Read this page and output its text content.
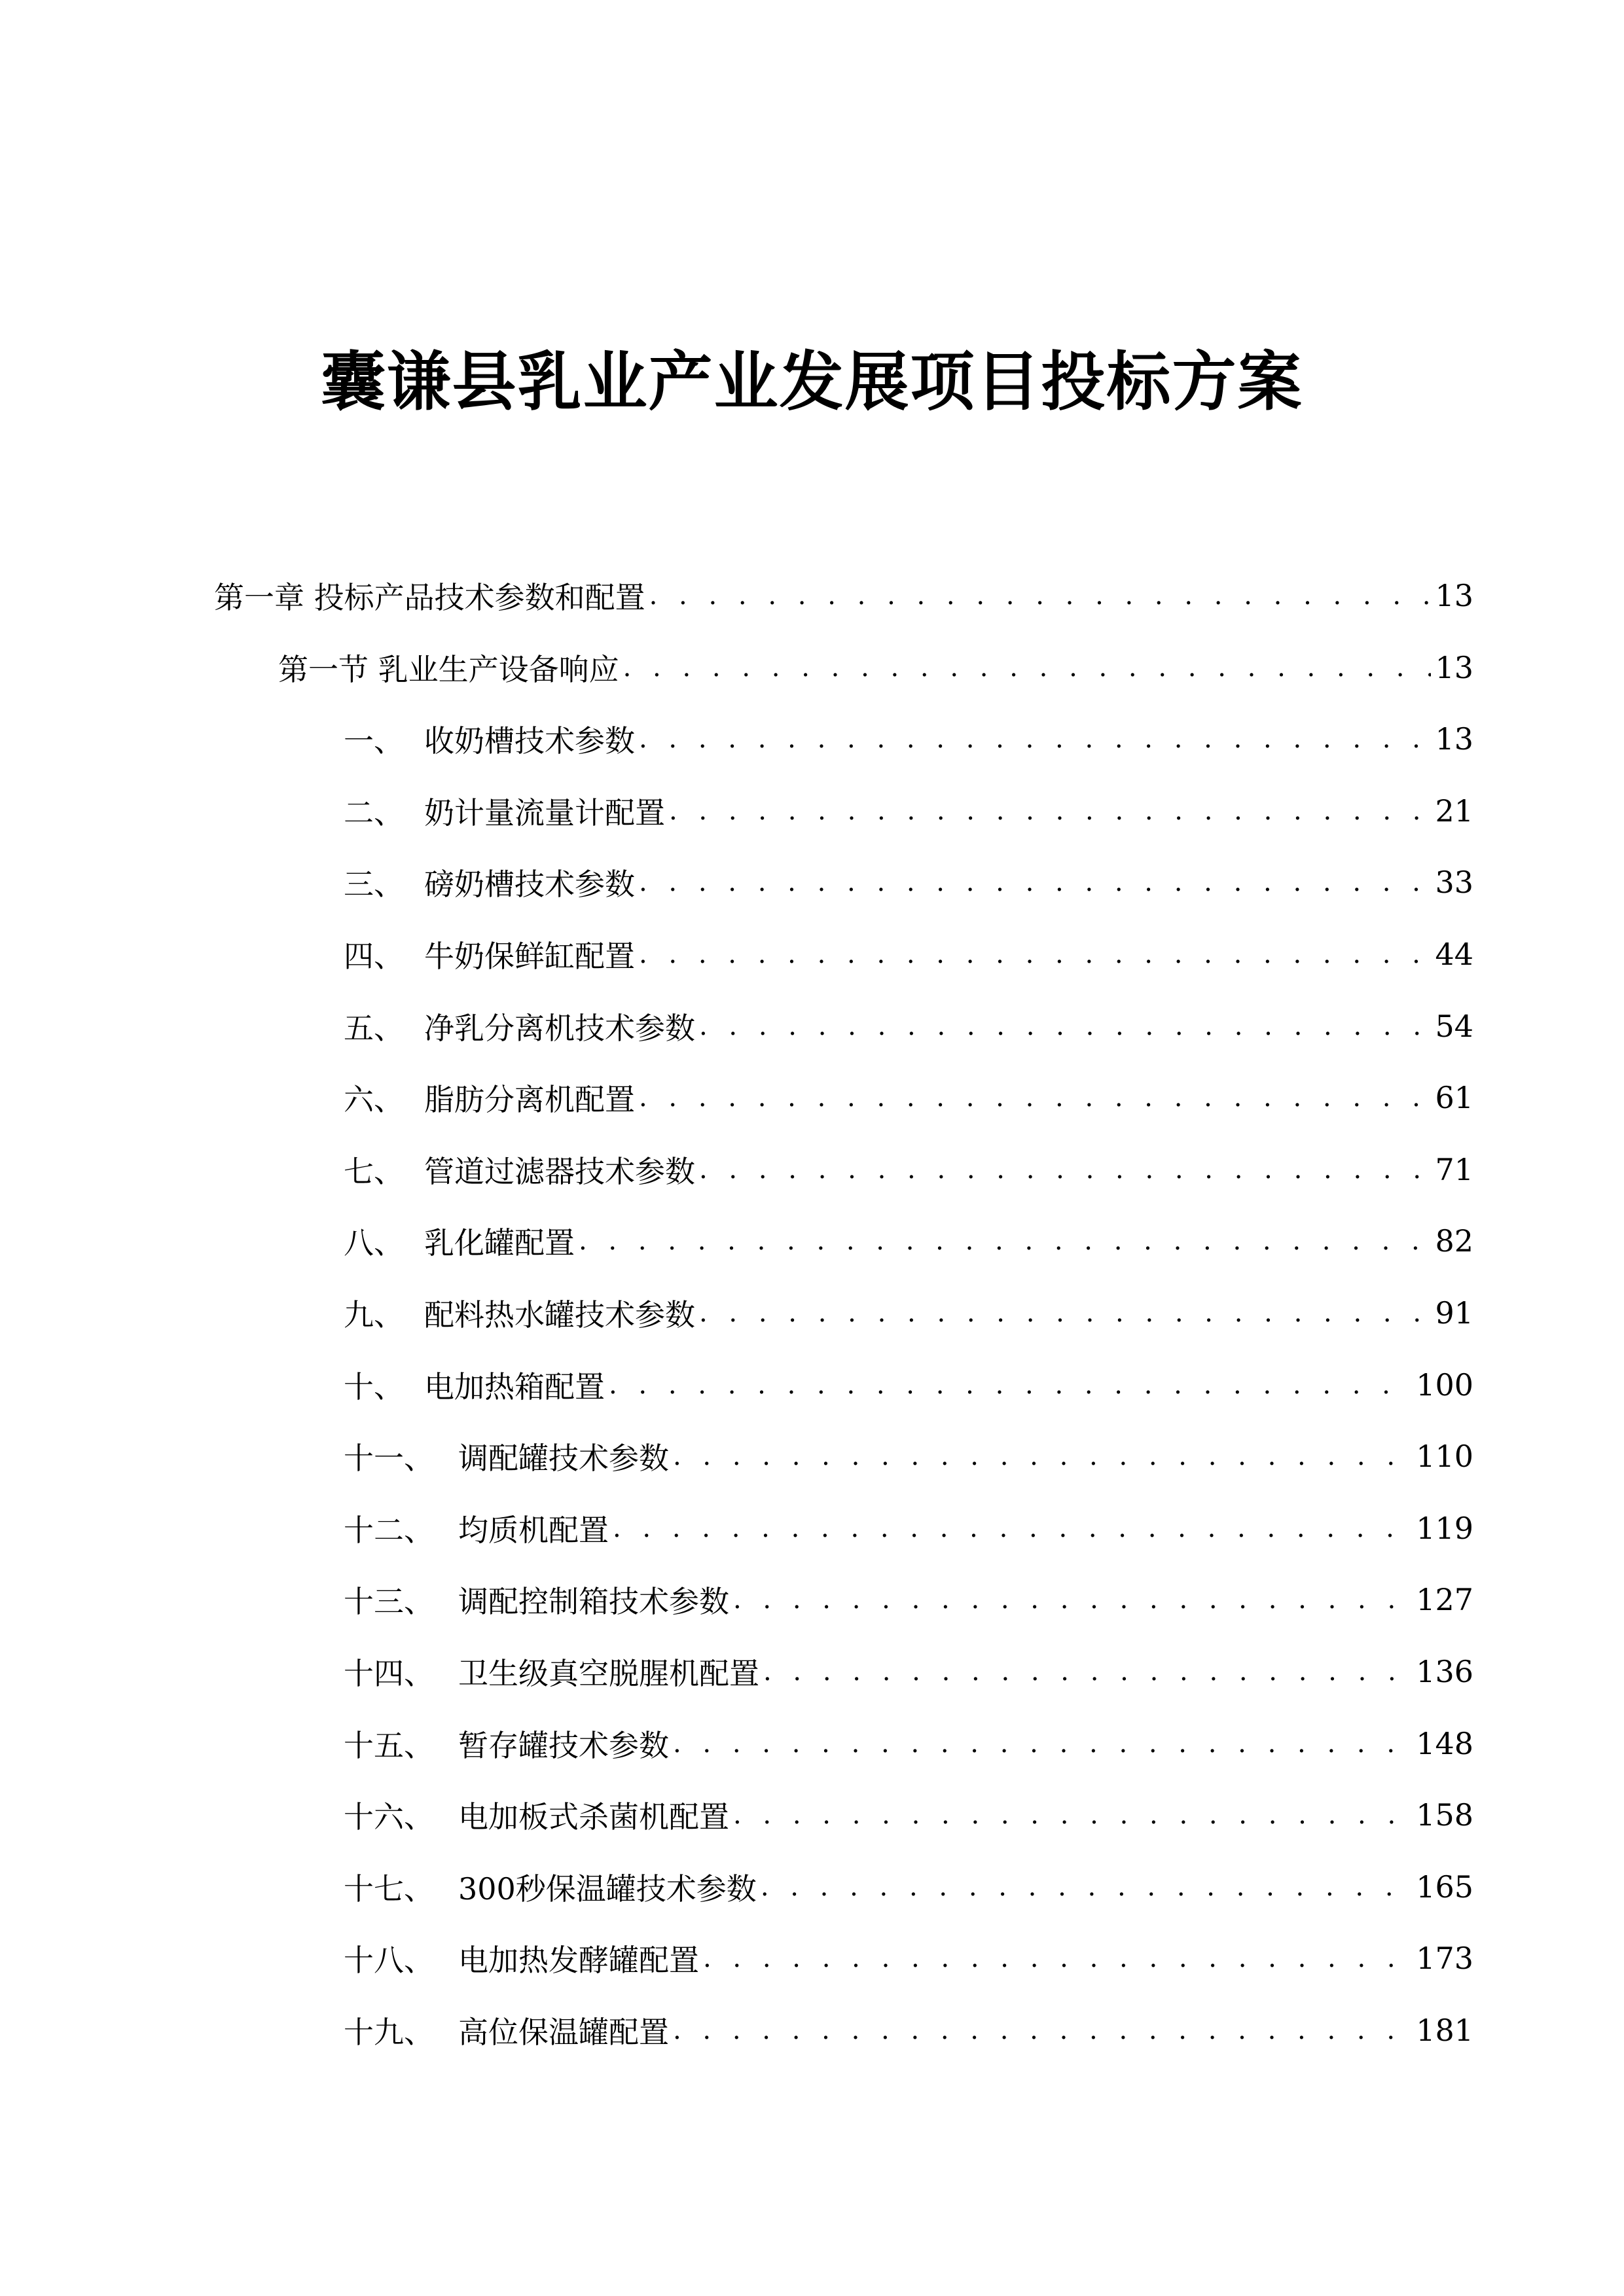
囊谦县乳业产业发展项目投标方案
第一章 投标产品技术参数和配置 . . .	13
第一节 乳业生产设备响应 . . .	13
一、 收奶槽技术参数 . . .	13
二、 奶计量流量计配置 . . .	21
三、 磅奶槽技术参数 . . .	33
四、 牛奶保鲜缸配置 . . .	44
五、 净乳分离机技术参数 . . .	54
六、 脂肪分离机配置 . . .	61
七、 管道过滤器技术参数 . . .	71
八、 乳化罐配置 . . .	82
九、 配料热水罐技术参数 . . .	91
十、 电加热箱配置 . . .	100
十一、 调配罐技术参数 . . .	110
十二、 均质机配置 . . .	119
十三、 调配控制箱技术参数 . . .	127
十四、 卫生级真空脱腥机配置 . . .	136
十五、 暂存罐技术参数 . . .	148
十六、 电加板式杀菌机配置 . . .	158
十七、 300秒保温罐技术参数 . . .	165
十八、 电加热发酵罐配置 . . .	173
十九、 高位保温罐配置 . . .	181
